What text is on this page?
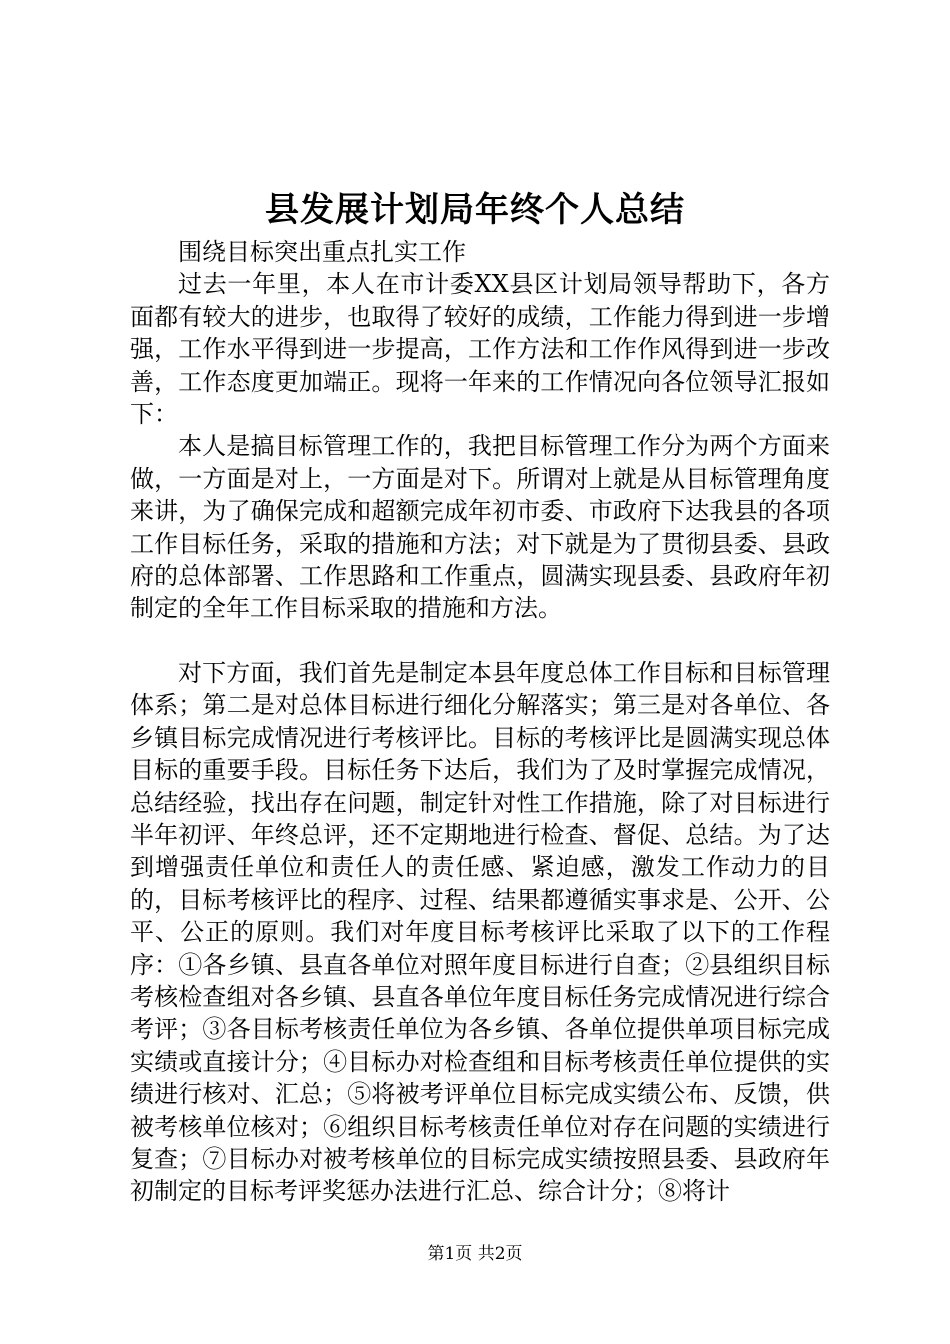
县发展计划局年终个人总结

围绕目标突出重点扎实工作

过去一年里，本人在市计委XX县区计划局领导帮助下，各方面都有较大的进步，也取得了较好的成绩，工作能力得到进一步增强，工作水平得到进一步提高，工作方法和工作作风得到进一步改善，工作态度更加端正。现将一年来的工作情况向各位领导汇报如下：

本人是搞目标管理工作的，我把目标管理工作分为两个方面来做，一方面是对上，一方面是对下。所谓对上就是从目标管理角度来讲，为了确保完成和超额完成年初市委、市政府下达我县的各项工作目标任务，采取的措施和方法；对下就是为了贯彻县委、县政府的总体部署、工作思路和工作重点，圆满实现县委、县政府年初制定的全年工作目标采取的措施和方法。

对下方面，我们首先是制定本县年度总体工作目标和目标管理体系；第二是对总体目标进行细化分解落实；第三是对各单位、各乡镇目标完成情况进行考核评比。目标的考核评比是圆满实现总体目标的重要手段。目标任务下达后，我们为了及时掌握完成情况，总结经验，找出存在问题，制定针对性工作措施，除了对目标进行半年初评、年终总评，还不定期地进行检查、督促、总结。为了达到增强责任单位和责任人的责任感、紧迫感，激发工作动力的目的，目标考核评比的程序、过程、结果都遵循实事求是、公开、公平、公正的原则。我们对年度目标考核评比采取了以下的工作程序：①各乡镇、县直各单位对照年度目标进行自查；②县组织目标考核检查组对各乡镇、县直各单位年度目标任务完成情况进行综合考评；③各目标考核责任单位为各乡镇、各单位提供单项目标完成实绩或直接计分；④目标办对检查组和目标考核责任单位提供的实绩进行核对、汇总；⑤将被考评单位目标完成实绩公布、反馈，供被考核单位核对；⑥组织目标考核责任单位对存在问题的实绩进行复查；⑦目标办对被考核单位的目标完成实绩按照县委、县政府年初制定的目标考评奖惩办法进行汇总、综合计分；⑧将计

第1页 共2页
